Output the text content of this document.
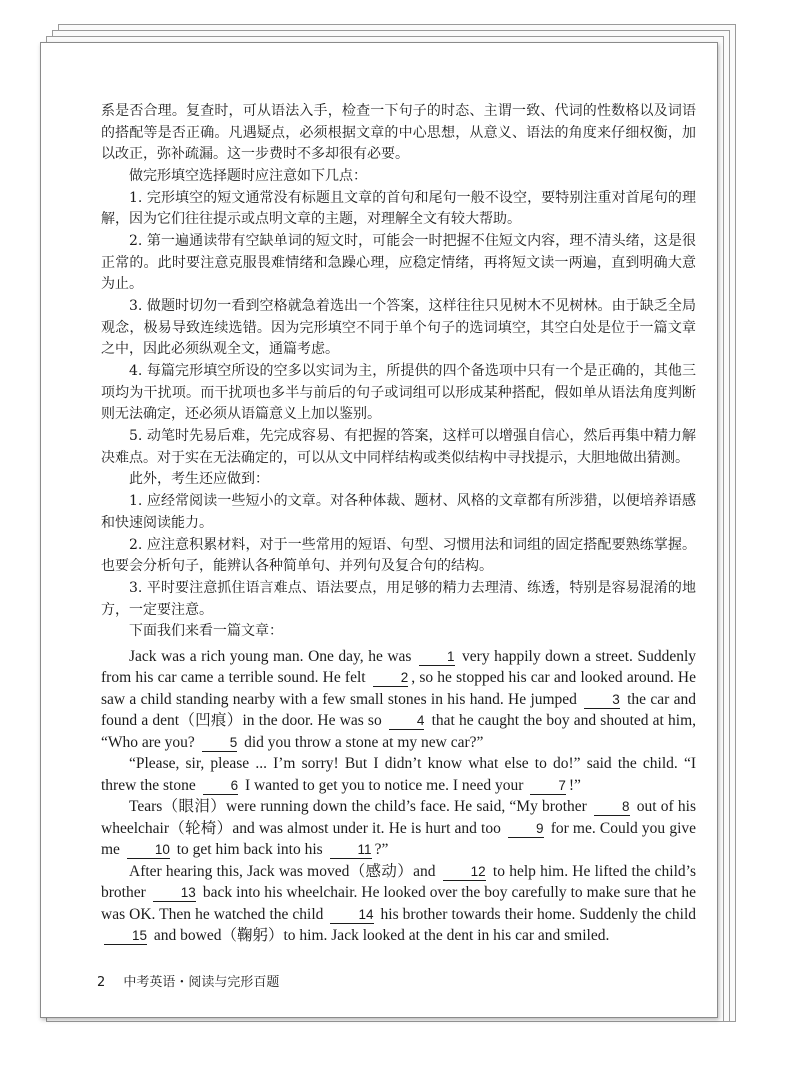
系是否合理。复查时，可从语法入手，检查一下句子的时态、主谓一致、代词的性数格以及词语的搭配等是否正确。凡遇疑点，必须根据文章的中心思想，从意义、语法的角度来仔细权衡，加以改正，弥补疏漏。这一步费时不多却很有必要。

做完形填空选择题时应注意如下几点：

1. 完形填空的短文通常没有标题且文章的首句和尾句一般不设空，要特别注重对首尾句的理解，因为它们往往提示或点明文章的主题，对理解全文有较大帮助。

2. 第一遍通读带有空缺单词的短文时，可能会一时把握不住短文内容，理不清头绪，这是很正常的。此时要注意克服畏难情绪和急躁心理，应稳定情绪，再将短文读一两遍，直到明确大意为止。

3. 做题时切勿一看到空格就急着选出一个答案，这样往往只见树木不见树林。由于缺乏全局观念，极易导致连续选错。因为完形填空不同于单个句子的选词填空，其空白处是位于一篇文章之中，因此必须纵观全文，通篇考虑。

4. 每篇完形填空所设的空多以实词为主，所提供的四个备选项中只有一个是正确的，其他三项均为干扰项。而干扰项也多半与前后的句子或词组可以形成某种搭配，假如单从语法角度判断则无法确定，还必须从语篇意义上加以鉴别。

5. 动笔时先易后难，先完成容易、有把握的答案，这样可以增强自信心，然后再集中精力解决难点。对于实在无法确定的，可以从文中同样结构或类似结构中寻找提示，大胆地做出猜测。

此外，考生还应做到：

1. 应经常阅读一些短小的文章。对各种体裁、题材、风格的文章都有所涉猎，以便培养语感和快速阅读能力。

2. 应注意积累材料，对于一些常用的短语、句型、习惯用法和词组的固定搭配要熟练掌握。也要会分析句子，能辨认各种简单句、并列句及复合句的结构。

3. 平时要注意抓住语言难点、语法要点，用足够的精力去理清、练透，特别是容易混淆的地方，一定要注意。

下面我们来看一篇文章：

Jack was a rich young man. One day, he was	1 very happily down a street. Suddenly from his car came a terrible sound. He felt	2 , so he stopped his car and looked around. He saw a child standing nearby with a few small stones in his hand. He jumped	3 the car and found a dent（凹痕）in the door. He was so	4 that he caught the boy and shouted at him, “Who are you?	5 did you throw a stone at my new car?”

“Please, sir, please ... I’m sorry! But I didn’t know what else to do!” said the child. “I threw the stone	6 I wanted to get you to notice me. I need your	7 !”

Tears（眼泪）were running down the child’s face. He said, “My brother	8 out of his wheelchair（轮椅）and was almost under it. He is hurt and too	9 for me. Could you give me	10 to get him back into his	11 ?”

After hearing this, Jack was moved（感动）and	12 to help him. He lifted the child’s brother	13 back into his wheelchair. He looked over the boy carefully to make sure that he was OK. Then he watched the child	14 his brother towards their home. Suddenly the child 15 and bowed（鞠躬）to him. Jack looked at the dent in his car and smiled.

2 中考英语・阅读与完形百题
